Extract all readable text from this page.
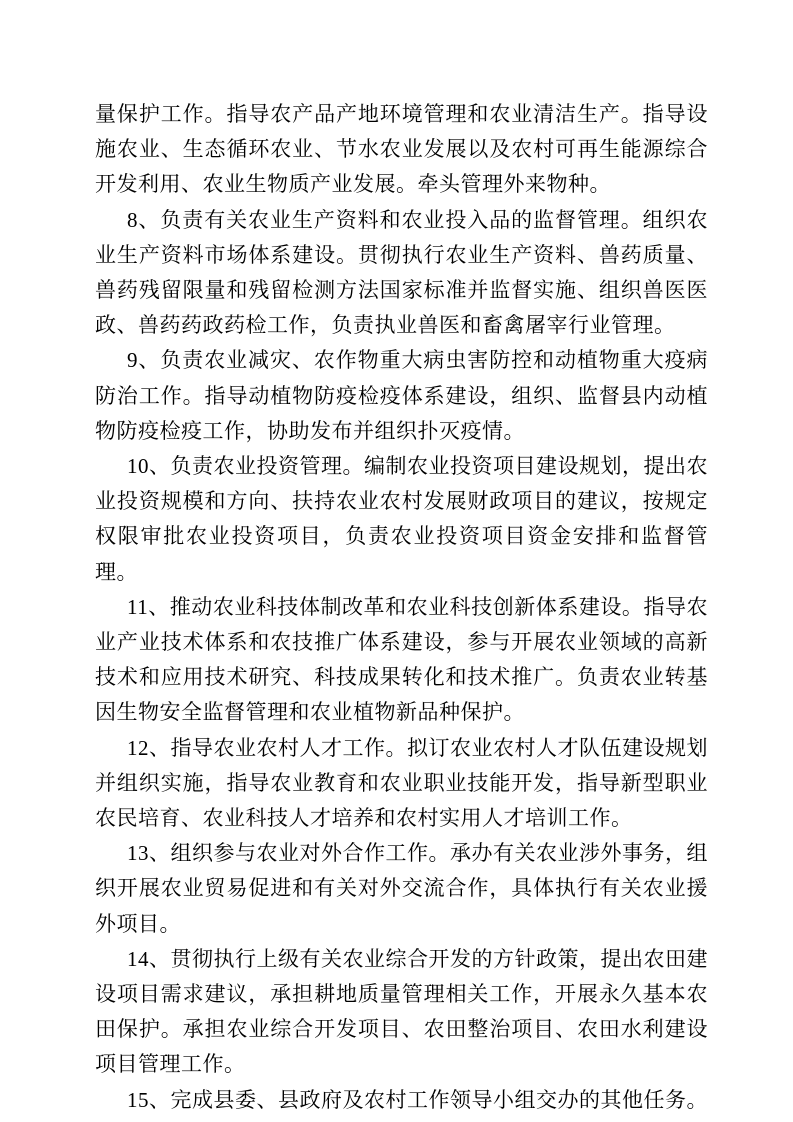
量保护工作。指导农产品产地环境管理和农业清洁生产。指导设施农业、生态循环农业、节水农业发展以及农村可再生能源综合开发利用、农业生物质产业发展。牵头管理外来物种。

8、负责有关农业生产资料和农业投入品的监督管理。组织农业生产资料市场体系建设。贯彻执行农业生产资料、兽药质量、兽药残留限量和残留检测方法国家标准并监督实施、组织兽医医政、兽药药政药检工作，负责执业兽医和畜禽屠宰行业管理。

9、负责农业减灾、农作物重大病虫害防控和动植物重大疫病防治工作。指导动植物防疫检疫体系建设，组织、监督县内动植物防疫检疫工作，协助发布并组织扑灭疫情。

10、负责农业投资管理。编制农业投资项目建设规划，提出农业投资规模和方向、扶持农业农村发展财政项目的建议，按规定权限审批农业投资项目，负责农业投资项目资金安排和监督管理。

11、推动农业科技体制改革和农业科技创新体系建设。指导农业产业技术体系和农技推广体系建设，参与开展农业领域的高新技术和应用技术研究、科技成果转化和技术推广。负责农业转基因生物安全监督管理和农业植物新品种保护。

12、指导农业农村人才工作。拟订农业农村人才队伍建设规划并组织实施，指导农业教育和农业职业技能开发，指导新型职业农民培育、农业科技人才培养和农村实用人才培训工作。

13、组织参与农业对外合作工作。承办有关农业涉外事务，组织开展农业贸易促进和有关对外交流合作，具体执行有关农业援外项目。

14、贯彻执行上级有关农业综合开发的方针政策，提出农田建设项目需求建议，承担耕地质量管理相关工作，开展永久基本农田保护。承担农业综合开发项目、农田整治项目、农田水利建设项目管理工作。

15、完成县委、县政府及农村工作领导小组交办的其他任务。
